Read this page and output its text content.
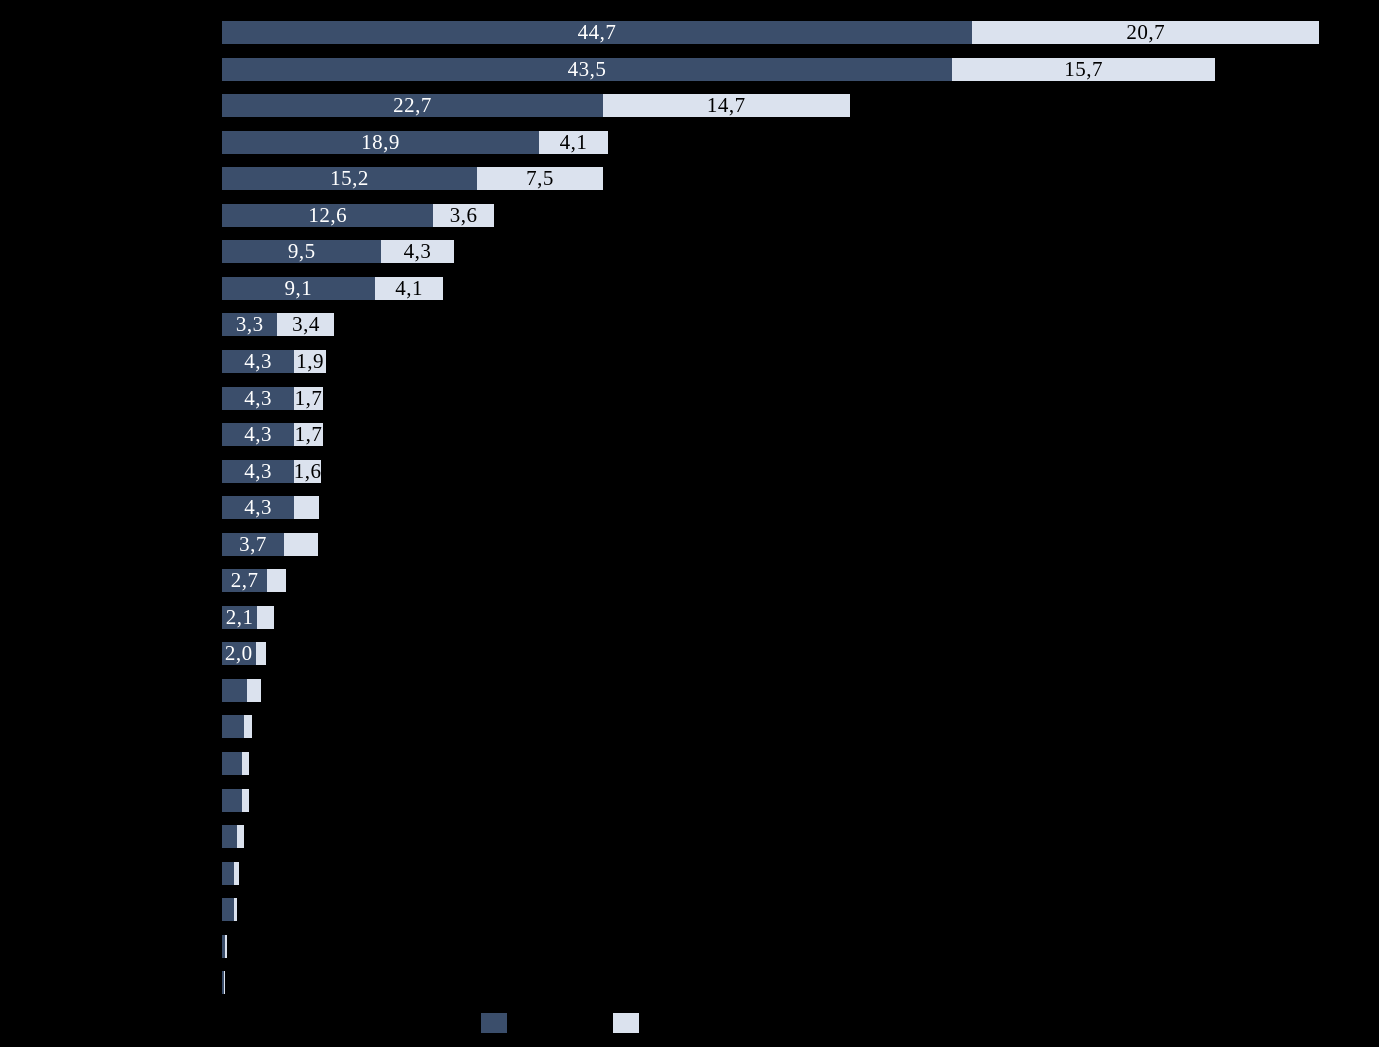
44,7	20,7
43,5	15,7
22,7	14,7
18,9	4,1
15,2	7,5
12,6	3,6
9,5	4,3
9,1	4,1
3,3 3,4
4,3 1,9
4,3 1,7
4,3 1,7
4,3 1,6
4,3
3,7
2,7
2,1
2,0
